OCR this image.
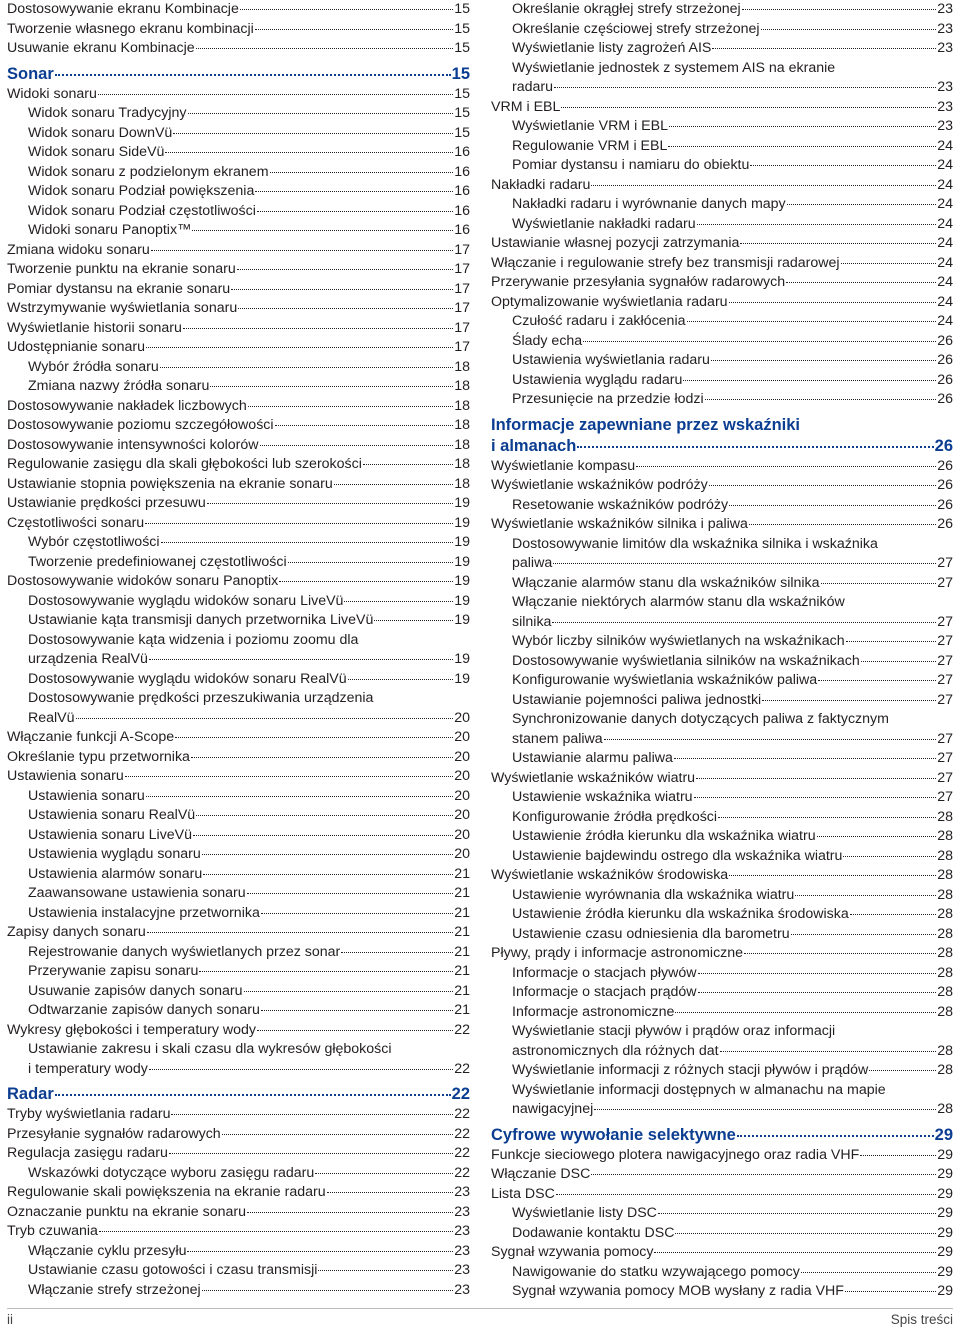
Dostosowywanie ekranu Kombinacje	15
Tworzenie własnego ekranu kombinacji	15
Usuwanie ekranu Kombinacje	15
Sonar	15
Widoki sonaru	15
Widok sonaru Tradycyjny	15
Widok sonaru DownVü	15
Widok sonaru SideVü	16
Widok sonaru z podzielonym ekranem	16
Widok sonaru Podział powiększenia	16
Widok sonaru Podział częstotliwości	16
Widoki sonaru Panoptix™	16
Zmiana widoku sonaru	17
Tworzenie punktu na ekranie sonaru	17
Pomiar dystansu na ekranie sonaru	17
Wstrzymywanie wyświetlania sonaru	17
Wyświetlanie historii sonaru	17
Udostępnianie sonaru	17
Wybór źródła sonaru	18
Zmiana nazwy źródła sonaru	18
Dostosowywanie nakładek liczbowych	18
Dostosowywanie poziomu szczegółowości	18
Dostosowywanie intensywności kolorów	18
Regulowanie zasięgu dla skali głębokości lub szerokości	18
Ustawianie stopnia powiększenia na ekranie sonaru	18
Ustawianie prędkości przesuwu	19
Częstotliwości sonaru	19
Wybór częstotliwości	19
Tworzenie predefiniowanej częstotliwości	19
Dostosowywanie widoków sonaru Panoptix	19
Dostosowywanie wyglądu widoków sonaru LiveVü	19
Ustawianie kąta transmisji danych przetwornika LiveVü	19
Dostosowywanie kąta widzenia i poziomu zoomu dla
urządzenia RealVü	19
Dostosowywanie wyglądu widoków sonaru RealVü	19
Dostosowywanie prędkości przeszukiwania urządzenia
RealVü	20
Włączanie funkcji A-Scope	20
Określanie typu przetwornika	20
Ustawienia sonaru	20
Ustawienia sonaru	20
Ustawienia sonaru RealVü	20
Ustawienia sonaru LiveVü	20
Ustawienia wyglądu sonaru	20
Ustawienia alarmów sonaru	21
Zaawansowane ustawienia sonaru	21
Ustawienia instalacyjne przetwornika	21
Zapisy danych sonaru	21
Rejestrowanie danych wyświetlanych przez sonar	21
Przerywanie zapisu sonaru	21
Usuwanie zapisów danych sonaru	21
Odtwarzanie zapisów danych sonaru	21
Wykresy głębokości i temperatury wody	22
Ustawianie zakresu i skali czasu dla wykresów głębokości
i temperatury wody	22
Radar	22
Tryby wyświetlania radaru	22
Przesyłanie sygnałów radarowych	22
Regulacja zasięgu radaru	22
Wskazówki dotyczące wyboru zasięgu radaru	22
Regulowanie skali powiększenia na ekranie radaru	23
Oznaczanie punktu na ekranie sonaru	23
Tryb czuwania	23
Włączanie cyklu przesyłu	23
Ustawianie czasu gotowości i czasu transmisji	23
Włączanie strefy strzeżonej	23
Określanie okrągłej strefy strzeżonej	23
Określanie częściowej strefy strzeżonej	23
Wyświetlanie listy zagrożeń AIS	23
Wyświetlanie jednostek z systemem AIS na ekranie
radaru	23
VRM i EBL	23
Wyświetlanie VRM i EBL	23
Regulowanie VRM i EBL	24
Pomiar dystansu i namiaru do obiektu	24
Nakładki radaru	24
Nakładki radaru i wyrównanie danych mapy	24
Wyświetlanie nakładki radaru	24
Ustawianie własnej pozycji zatrzymania	24
Włączanie i regulowanie strefy bez transmisji radarowej	24
Przerywanie przesyłania sygnałów radarowych	24
Optymalizowanie wyświetlania radaru	24
Czułość radaru i zakłócenia	24
Ślady echa	26
Ustawienia wyświetlania radaru	26
Ustawienia wyglądu radaru	26
Przesunięcie na przedzie łodzi	26
Informacje zapewniane przez wskaźniki
i almanach	26
Wyświetlanie kompasu	26
Wyświetlanie wskaźników podróży	26
Resetowanie wskaźników podróży	26
Wyświetlanie wskaźników silnika i paliwa	26
Dostosowywanie limitów dla wskaźnika silnika i wskaźnika
paliwa	27
Włączanie alarmów stanu dla wskaźników silnika	27
Włączanie niektórych alarmów stanu dla wskaźników
silnika	27
Wybór liczby silników wyświetlanych na wskaźnikach	27
Dostosowywanie wyświetlania silników na wskaźnikach	27
Konfigurowanie wyświetlania wskaźników paliwa	27
Ustawianie pojemności paliwa jednostki	27
Synchronizowanie danych dotyczących paliwa z faktycznym
stanem paliwa	27
Ustawianie alarmu paliwa	27
Wyświetlanie wskaźników wiatru	27
Ustawienie wskaźnika wiatru	27
Konfigurowanie źródła prędkości	28
Ustawienie źródła kierunku dla wskaźnika wiatru	28
Ustawienie bajdewindu ostrego dla wskaźnika wiatru	28
Wyświetlanie wskaźników środowiska	28
Ustawienie wyrównania dla wskaźnika wiatru	28
Ustawienie źródła kierunku dla wskaźnika środowiska	28
Ustawienie czasu odniesienia dla barometru	28
Pływy, prądy i informacje astronomiczne	28
Informacje o stacjach pływów	28
Informacje o stacjach prądów	28
Informacje astronomiczne	28
Wyświetlanie stacji pływów i prądów oraz informacji
astronomicznych dla różnych dat	28
Wyświetlanie informacji z różnych stacji pływów i prądów	28
Wyświetlanie informacji dostępnych w almanachu na mapie
nawigacyjnej	28
Cyfrowe wywołanie selektywne	29
Funkcje sieciowego plotera nawigacyjnego oraz radia VHF	29
Włączanie DSC	29
Lista DSC	29
Wyświetlanie listy DSC	29
Dodawanie kontaktu DSC	29
Sygnał wzywania pomocy	29
Nawigowanie do statku wzywającego pomocy	29
Sygnał wzywania pomocy MOB wysłany z radia VHF	29
ii	Spis treści
